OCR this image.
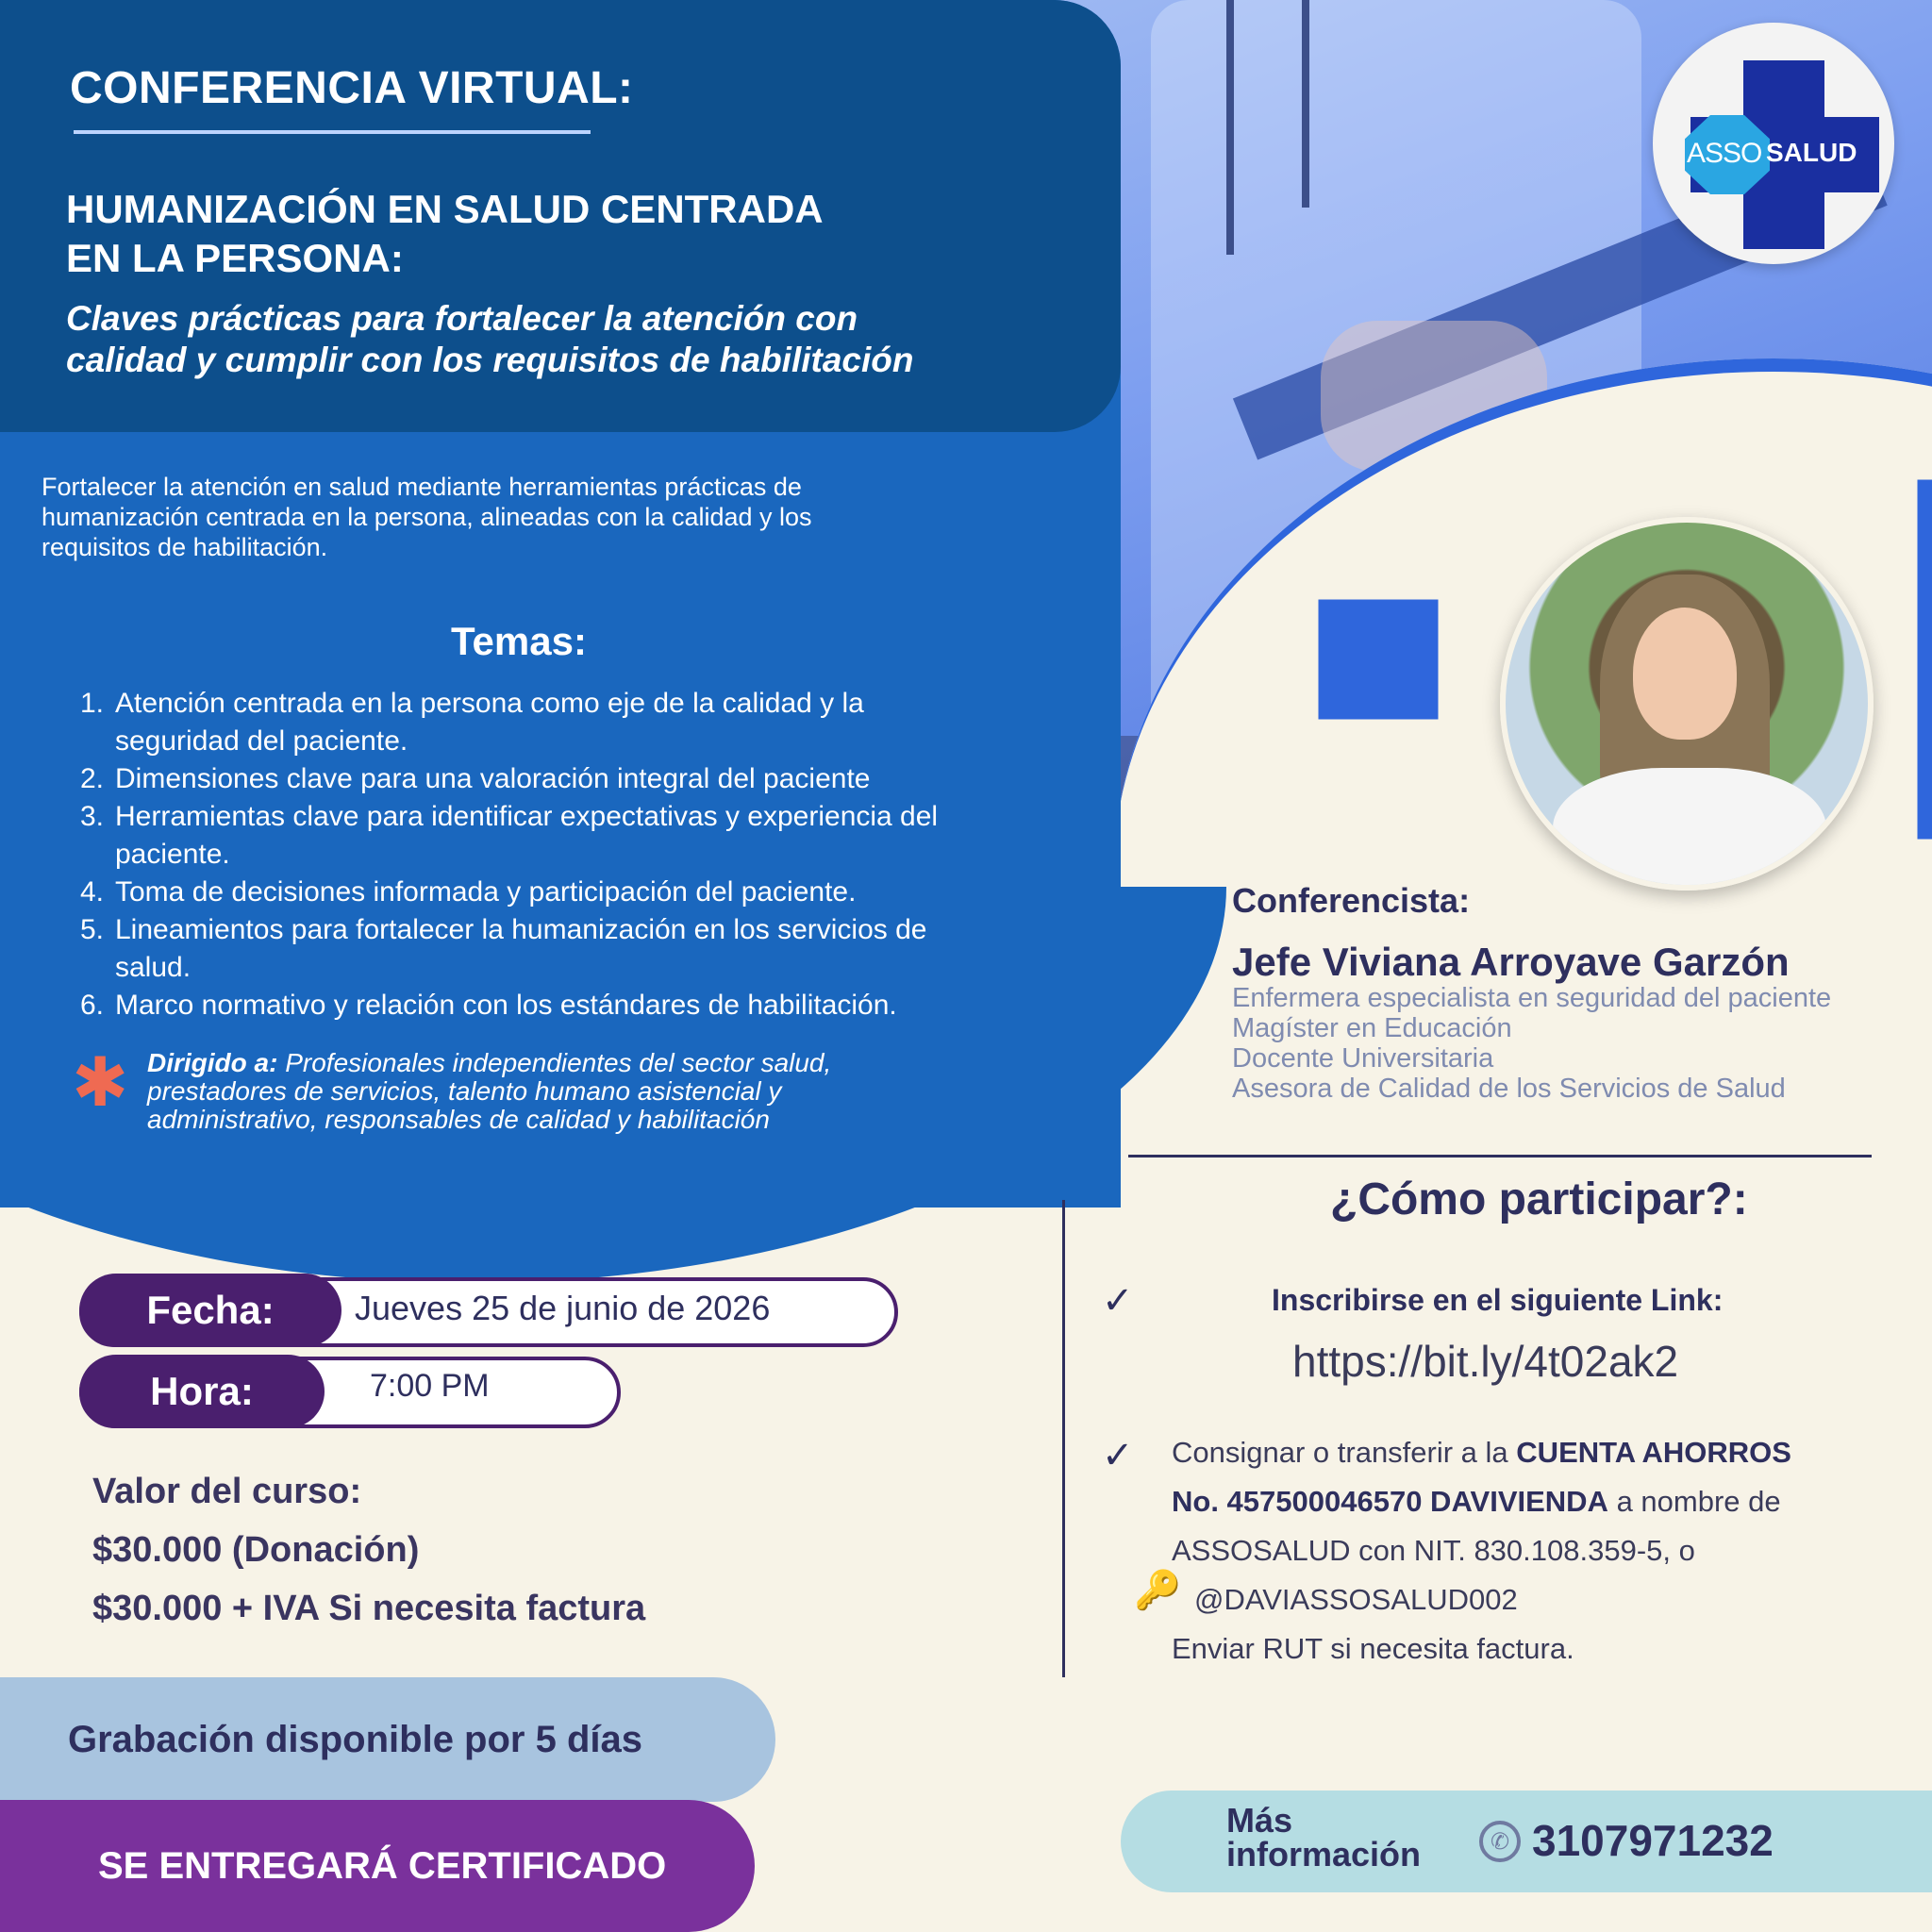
ASSO SALUD
CONFERENCIA VIRTUAL:
HUMANIZACIÓN EN SALUD CENTRADA
EN LA PERSONA:
Claves prácticas para fortalecer la atención con
calidad y cumplir con los requisitos de habilitación
Fortalecer la atención en salud mediante herramientas prácticas de
humanización centrada en la persona, alineadas con la calidad y los
requisitos de habilitación.
Temas:
1. Atención centrada en la persona como eje de la calidad y la
seguridad del paciente.
2. Dimensiones clave para una valoración integral del paciente
3. Herramientas clave para identificar expectativas y experiencia del
paciente.
4. Toma de decisiones informada y participación del paciente.
5. Lineamientos para fortalecer la humanización en los servicios de
salud.
6. Marco normativo y relación con los estándares de habilitación.
✱ Dirigido a: Profesionales independientes del sector salud,
prestadores de servicios, talento humano asistencial y
administrativo, responsables de calidad y habilitación
Conferencista:
Jefe Viviana Arroyave Garzón
Enfermera especialista en seguridad del paciente
Magíster en Educación
Docente Universitaria
Asesora de Calidad de los Servicios de Salud
¿Cómo participar?:
✓	Inscribirse en el siguiente Link:
https://bit.ly/4t02ak2
✓ Consignar o transferir a la CUENTA AHORROS
No. 457500046570 DAVIVIENDA a nombre de
ASSOSALUD con NIT. 830.108.359-5, o
@DAVIASSOSALUD002
Enviar RUT si necesita factura.
🔑
Fecha:	Jueves 25 de junio de 2026
Hora:	7:00 PM
Valor del curso:
$30.000 (Donación)
$30.000 + IVA Si necesita factura
Grabación disponible por 5 días
SE ENTREGARÁ CERTIFICADO
Más
información	✆ 3107971232
